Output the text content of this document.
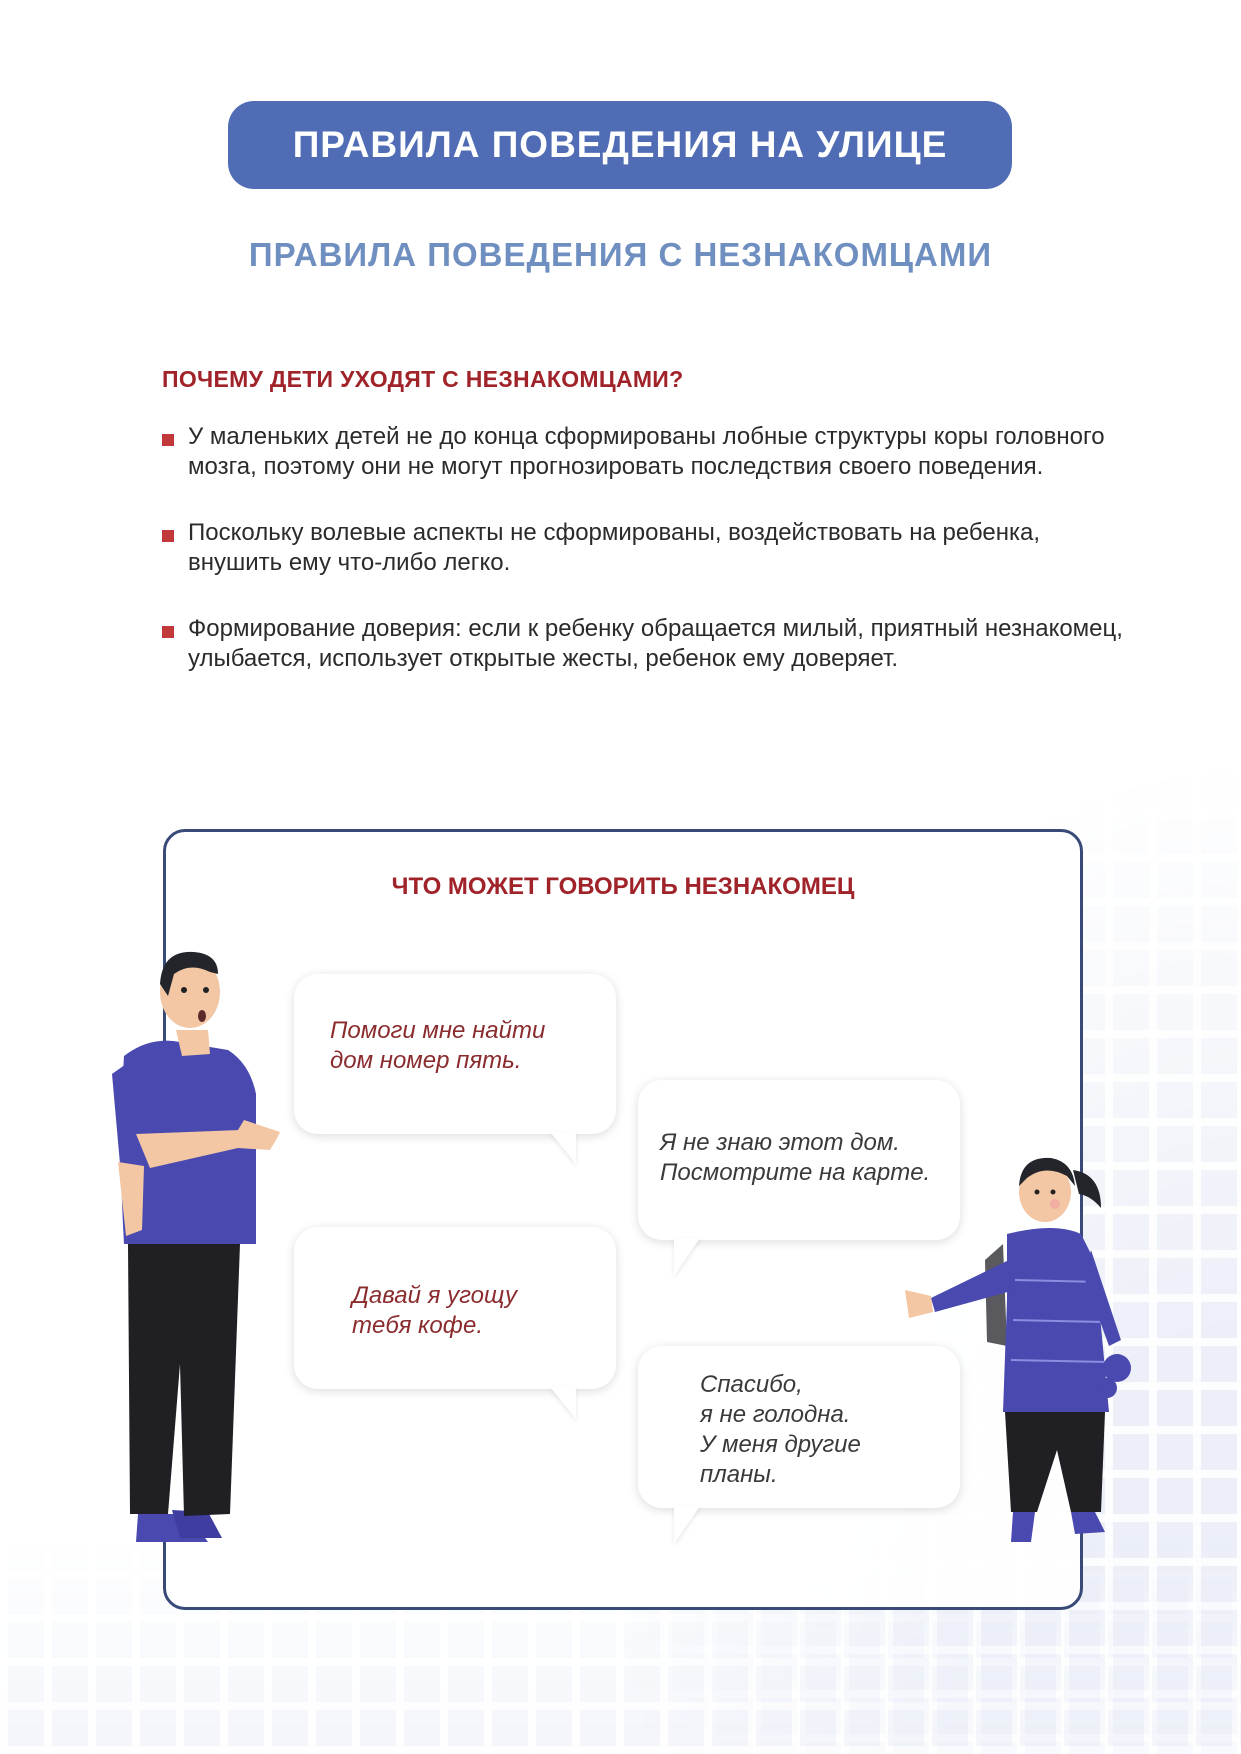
ПРАВИЛА ПОВЕДЕНИЯ НА УЛИЦЕ
ПРАВИЛА ПОВЕДЕНИЯ С НЕЗНАКОМЦАМИ
ПОЧЕМУ ДЕТИ УХОДЯТ С НЕЗНАКОМЦАМИ?
У маленьких детей не до конца сформированы лобные структуры коры головного мозга, поэтому они не могут прогнозировать последствия своего поведения.
Поскольку волевые аспекты не сформированы, воздействовать на ребенка, внушить ему что-либо легко.
Формирование доверия: если к ребенку обращается милый, приятный незнакомец, улыбается, использует открытые жесты, ребенок ему доверяет.
ЧТО МОЖЕТ ГОВОРИТЬ НЕЗНАКОМЕЦ
Помоги мне найти
дом номер пять.
Я не знаю этот дом.
Посмотрите на карте.
Давай я угощу
тебя кофе.
Спасибо,
я не голодна.
У меня другие
планы.
